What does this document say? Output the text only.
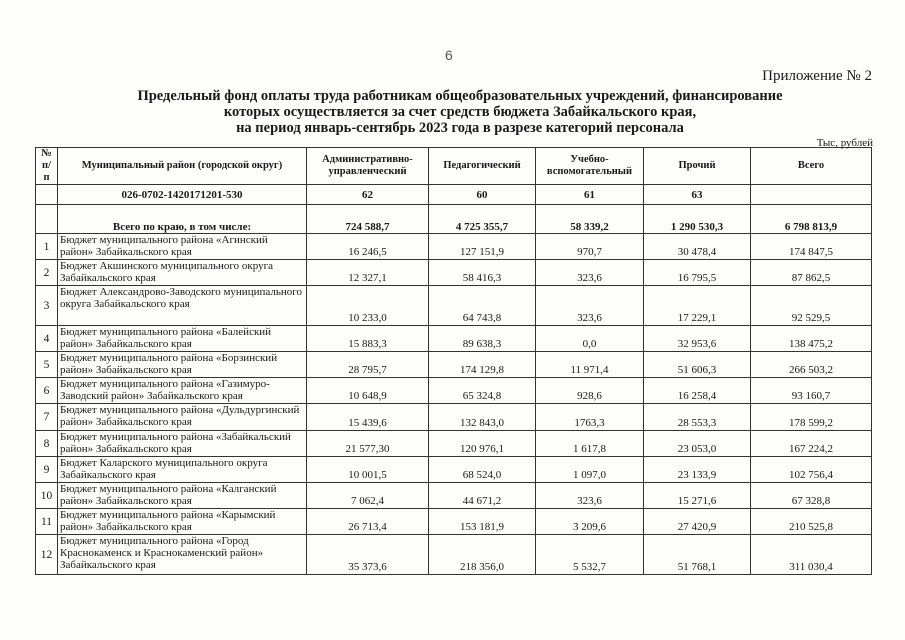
6
Приложение № 2
Предельный фонд оплаты труда работникам общеобразовательных учреждений, финансирование
которых осуществляется за счет средств бюджета Забайкальского края,
на период январь-сентябрь 2023 года в разрезе категорий персонала
Тыс, рублей
№ п/п	Муниципальный район (городской округ)	Административно-управленческий	Педагогический	Учебно-вспомогательный	Прочий	Всего
	026-0702-1420171201-530	62	60	61	63	
	Всего по краю, в том числе:	724 588,7	4 725 355,7	58 339,2	1 290 530,3	6 798 813,9
1	Бюджет муниципального района «Агинский район» Забайкальского края	16 246,5	127 151,9	970,7	30 478,4	174 847,5
2	Бюджет Акшинского муниципального округа Забайкальского края	12 327,1	58 416,3	323,6	16 795,5	87 862,5
3	Бюджет Александрово-Заводского муниципального округа Забайкальского края	10 233,0	64 743,8	323,6	17 229,1	92 529,5
4	Бюджет муниципального района «Балейский район» Забайкальского края	15 883,3	89 638,3	0,0	32 953,6	138 475,2
5	Бюджет муниципального района «Борзинский район» Забайкальского края	28 795,7	174 129,8	11 971,4	51 606,3	266 503,2
6	Бюджет муниципального района «Газимуро-Заводский район» Забайкальского края	10 648,9	65 324,8	928,6	16 258,4	93 160,7
7	Бюджет муниципального района «Дульдургинский район» Забайкальского края	15 439,6	132 843,0	1763,3	28 553,3	178 599,2
8	Бюджет муниципального района «Забайкальский район» Забайкальского края	21 577,30	120 976,1	1 617,8	23 053,0	167 224,2
9	Бюджет Каларского муниципального округа Забайкальского края	10 001,5	68 524,0	1 097,0	23 133,9	102 756,4
10	Бюджет муниципального района «Калганский район» Забайкальского края	7 062,4	44 671,2	323,6	15 271,6	67 328,8
11	Бюджет муниципального района «Карымский район» Забайкальского края	26 713,4	153 181,9	3 209,6	27 420,9	210 525,8
12	Бюджет муниципального района «Город Краснокаменск и Краснокаменский район» Забайкальского края	35 373,6	218 356,0	5 532,7	51 768,1	311 030,4
